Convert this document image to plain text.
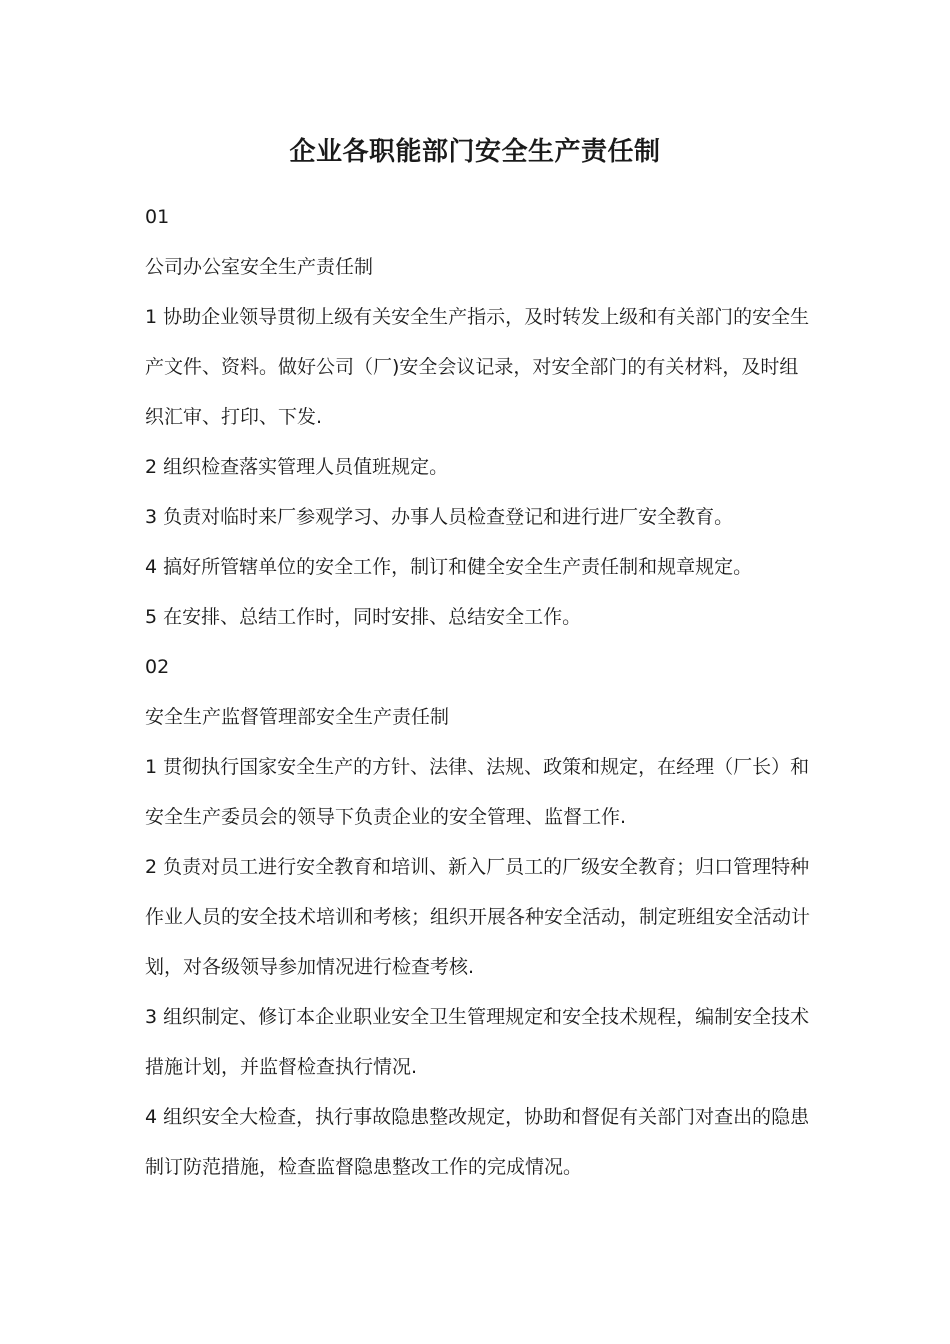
企业各职能部门安全生产责任制

01

公司办公室安全生产责任制

1 协助企业领导贯彻上级有关安全生产指示，及时转发上级和有关部门的安全生产文件、资料。做好公司（厂)安全会议记录，对安全部门的有关材料，及时组织汇审、打印、下发.

2 组织检查落实管理人员值班规定。

3 负责对临时来厂参观学习、办事人员检查登记和进行进厂安全教育。

4 搞好所管辖单位的安全工作，制订和健全安全生产责任制和规章规定。

5 在安排、总结工作时，同时安排、总结安全工作。

02

安全生产监督管理部安全生产责任制

1 贯彻执行国家安全生产的方针、法律、法规、政策和规定，在经理（厂长）和安全生产委员会的领导下负责企业的安全管理、监督工作.

2 负责对员工进行安全教育和培训、新入厂员工的厂级安全教育；归口管理特种作业人员的安全技术培训和考核；组织开展各种安全活动，制定班组安全活动计划，对各级领导参加情况进行检查考核.

3 组织制定、修订本企业职业安全卫生管理规定和安全技术规程，编制安全技术措施计划，并监督检查执行情况.

4 组织安全大检查，执行事故隐患整改规定，协助和督促有关部门对查出的隐患制订防范措施，检查监督隐患整改工作的完成情况。
